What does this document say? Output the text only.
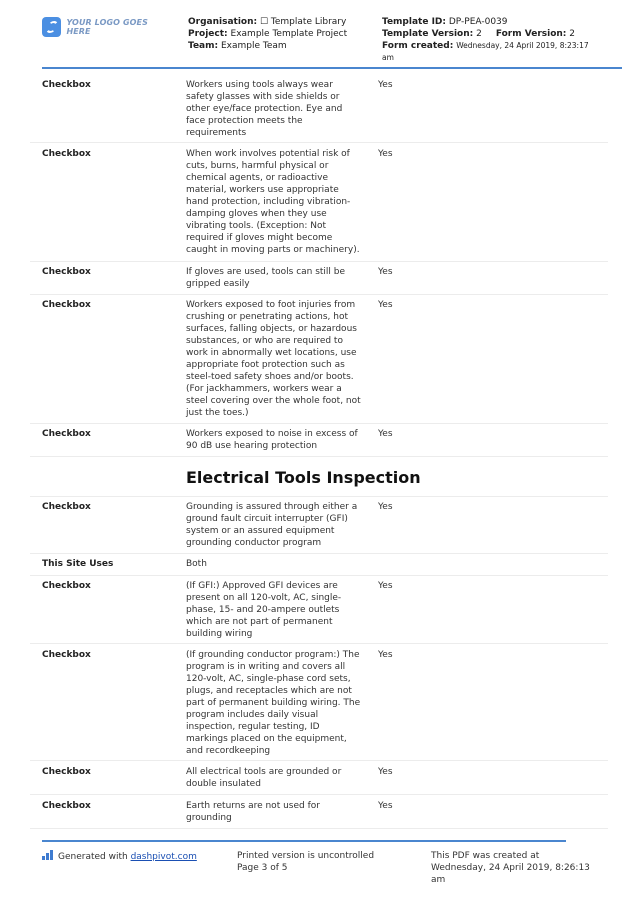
YOUR LOGO GOES HERE
Organisation: ☐ Template Library
Project: Example Template Project
Team: Example Team
Template ID: DP-PEA-0039
Template Version: 2 Form Version: 2
Form created: Wednesday, 24 April 2019, 8:23:17
am
Checkbox	Workers using tools always wear
safety glasses with side shields or
other eye/face protection. Eye and
face protection meets the
requirements
Yes
Checkbox	When work involves potential risk of
cuts, burns, harmful physical or
chemical agents, or radioactive
material, workers use appropriate
hand protection, including vibration-
damping gloves when they use
vibrating tools. (Exception: Not
required if gloves might become
caught in moving parts or machinery).
Yes
Checkbox	If gloves are used, tools can still be
gripped easily
Yes
Checkbox	Workers exposed to foot injuries from
crushing or penetrating actions, hot
surfaces, falling objects, or hazardous
substances, or who are required to
work in abnormally wet locations, use
appropriate foot protection such as
steel-toed safety shoes and/or boots.
(For jackhammers, workers wear a
steel covering over the whole foot, not
just the toes.)
Yes
Checkbox	Workers exposed to noise in excess of
90 dB use hearing protection
Yes
Electrical Tools Inspection
Checkbox	Grounding is assured through either a
ground fault circuit interrupter (GFI)
system or an assured equipment
grounding conductor program
Yes
This Site Uses	Both
Checkbox	(If GFI:) Approved GFI devices are
present on all 120-volt, AC, single-
phase, 15- and 20-ampere outlets
which are not part of permanent
building wiring
Yes
Checkbox	(If grounding conductor program:) The
program is in writing and covers all
120-volt, AC, single-phase cord sets,
plugs, and receptacles which are not
part of permanent building wiring. The
program includes daily visual
inspection, regular testing, ID
markings placed on the equipment,
and recordkeeping
Yes
Checkbox	All electrical tools are grounded or
double insulated
Yes
Checkbox	Earth returns are not used for
grounding
Yes
Generated with dashpivot.com	Printed version is uncontrolled
Page 3 of 5
This PDF was created at
Wednesday, 24 April 2019, 8:26:13
am
